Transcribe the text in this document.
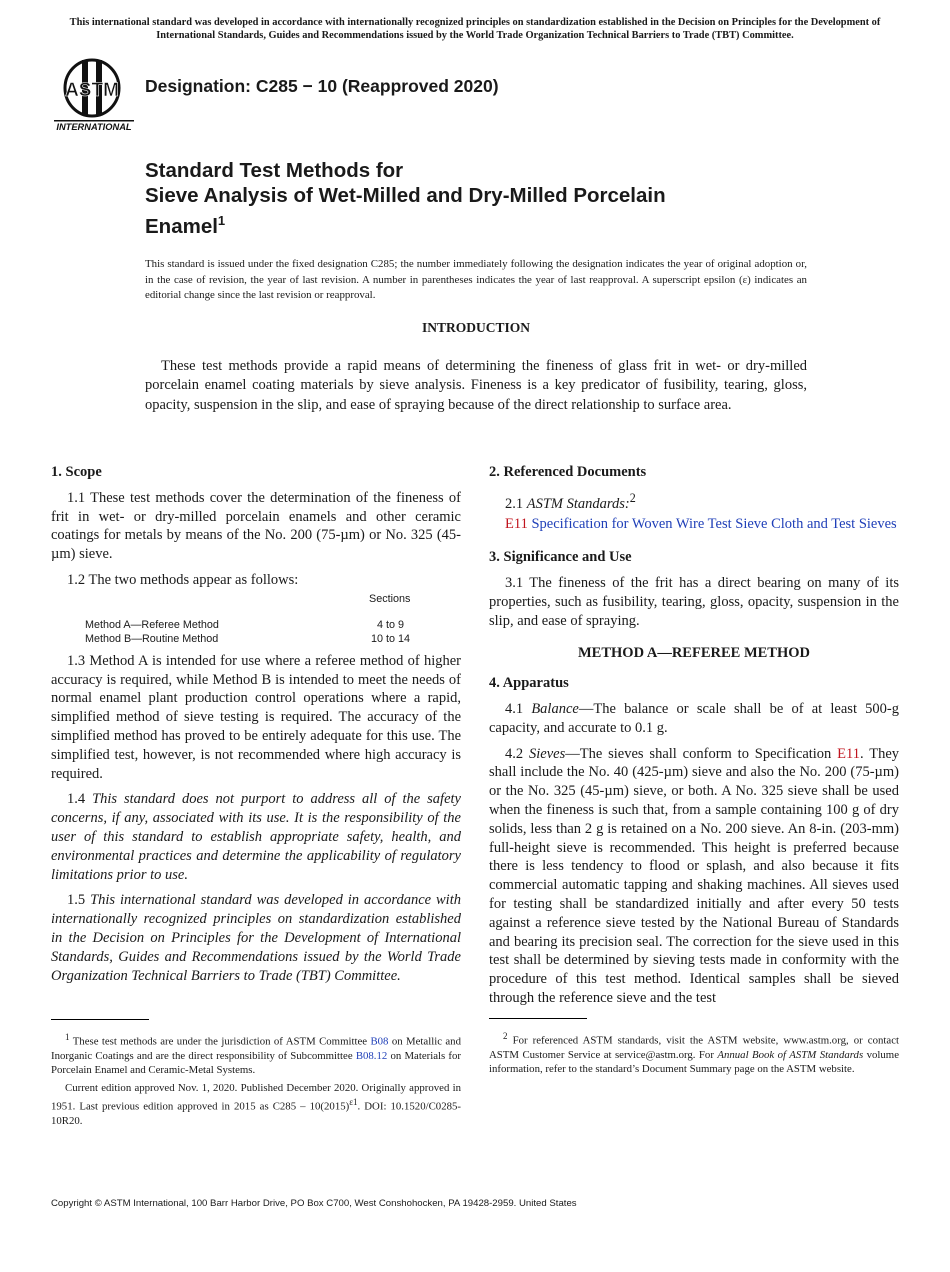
This international standard was developed in accordance with internationally recognized principles on standardization established in the Decision on Principles for the Development of International Standards, Guides and Recommendations issued by the World Trade Organization Technical Barriers to Trade (TBT) Committee.
ASTM
INTERNATIONAL
Designation: C285 − 10 (Reapproved 2020)
Standard Test Methods for
Sieve Analysis of Wet-Milled and Dry-Milled Porcelain
Enamel$^1$
This standard is issued under the fixed designation C285; the number immediately following the designation indicates the year of original adoption or, in the case of revision, the year of last revision. A number in parentheses indicates the year of last reapproval. A superscript epsilon (ε) indicates an editorial change since the last revision or reapproval.
INTRODUCTION
These test methods provide a rapid means of determining the fineness of glass frit in wet- or dry-milled porcelain enamel coating materials by sieve analysis. Fineness is a key predicator of fusibility, tearing, gloss, opacity, suspension in the slip, and ease of spraying because of the direct relationship to surface area.
1. Scope

1.1 These test methods cover the determination of the fineness of frit in wet- or dry-milled porcelain enamels and other ceramic coatings for metals by means of the No. 200 (75-µm) or No. 325 (45-µm) sieve.

1.2 The two methods appear as follows:

Sections
Method A—Referee Method	4 to 9
Method B—Routine Method	10 to 14

1.3 Method A is intended for use where a referee method of higher accuracy is required, while Method B is intended to meet the needs of normal enamel plant production control operations where a rapid, simplified method of sieve testing is required. The accuracy of the simplified method has proved to be entirely adequate for this use. The simplified test, however, is not recommended where high accuracy is required.

1.4 This standard does not purport to address all of the safety concerns, if any, associated with its use. It is the responsibility of the user of this standard to establish appropriate safety, health, and environmental practices and determine the applicability of regulatory limitations prior to use.

1.5 This international standard was developed in accordance with internationally recognized principles on standardization established in the Decision on Principles for the Development of International Standards, Guides and Recommendations issued by the World Trade Organization Technical Barriers to Trade (TBT) Committee.

$^1$ These test methods are under the jurisdiction of ASTM Committee B08 on Metallic and Inorganic Coatings and are the direct responsibility of Subcommittee B08.12 on Materials for Porcelain Enamel and Ceramic-Metal Systems.

Current edition approved Nov. 1, 2020. Published December 2020. Originally approved in 1951. Last previous edition approved in 2015 as $C285 - 10(2015)^{\varepsilon 1}$. DOI: 10.1520/C0285-10R20.

2. Referenced Documents

2.1 ASTM Standards:$^2$

E11 Specification for Woven Wire Test Sieve Cloth and Test Sieves

3. Significance and Use

3.1 The fineness of the frit has a direct bearing on many of its properties, such as fusibility, tearing, gloss, opacity, suspension in the slip, and ease of spraying.

METHOD A—REFEREE METHOD
4. Apparatus

4.1 Balance—The balance or scale shall be of at least 500-g capacity, and accurate to 0.1 g.

4.2 Sieves—The sieves shall conform to Specification E11. They shall include the No. 40 (425-µm) sieve and also the No. 200 (75-µm) or the No. 325 (45-µm) sieve, or both. A No. 325 sieve shall be used when the fineness is such that, from a sample containing 100 g of dry solids, less than 2 g is retained on a No. 200 sieve. An 8-in. (203-mm) full-height sieve is recommended. This height is preferred because there is less tendency to flood or splash, and also because it fits commercial automatic tapping and shaking machines. All sieves used for testing shall be standardized initially and after every 50 tests against a reference sieve tested by the National Bureau of Standards and bearing its precision seal. The correction for the sieve used in this test shall be determined by sieving tests made in conformity with the procedure of this test method. Identical samples shall be sieved through the reference sieve and the test

$^2$ For referenced ASTM standards, visit the ASTM website, www.astm.org, or contact ASTM Customer Service at service@astm.org. For Annual Book of ASTM Standards volume information, refer to the standard’s Document Summary page on the ASTM website.

Copyright © ASTM International, 100 Barr Harbor Drive, PO Box C700, West Conshohocken, PA 19428-2959. United States
